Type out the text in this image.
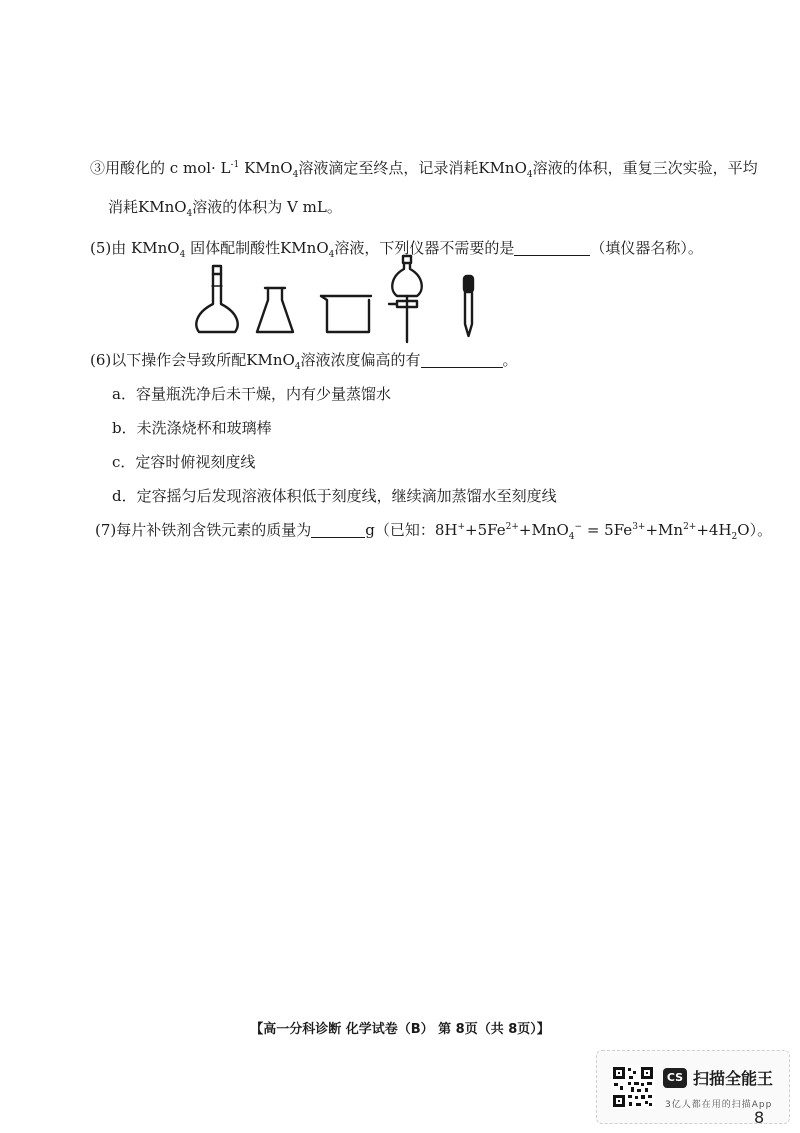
③用酸化的 c $mol\cdot L^{-1}$ KMnO$_4$溶液滴定至终点，记录消耗KMnO$_4$溶液的体积，重复三次实验，平均
消耗KMnO$_4$溶液的体积为 V mL。
(5)由 KMnO$_4$ 固体配制酸性KMnO$_4$溶液，下列仪器不需要的是	（填仪器名称）。
(6)以下操作会导致所配KMnO$_4$溶液浓度偏高的有	。
a．容量瓶洗净后未干燥，内有少量蒸馏水
b．未洗涤烧杯和玻璃棒
c．定容时俯视刻度线
d．定容摇匀后发现溶液体积低于刻度线，继续滴加蒸馏水至刻度线
(7)每片补铁剂含铁元素的质量为	g（已知：$8H^++5Fe^{2+}+MnO_4^- = 5Fe^{3+}+Mn^{2+}+4H_2O$）。
【高一分科诊断 化学试卷（B） 第 8页（共 8页）】
CS 扫描全能王
3亿人都在用的扫描App
8
